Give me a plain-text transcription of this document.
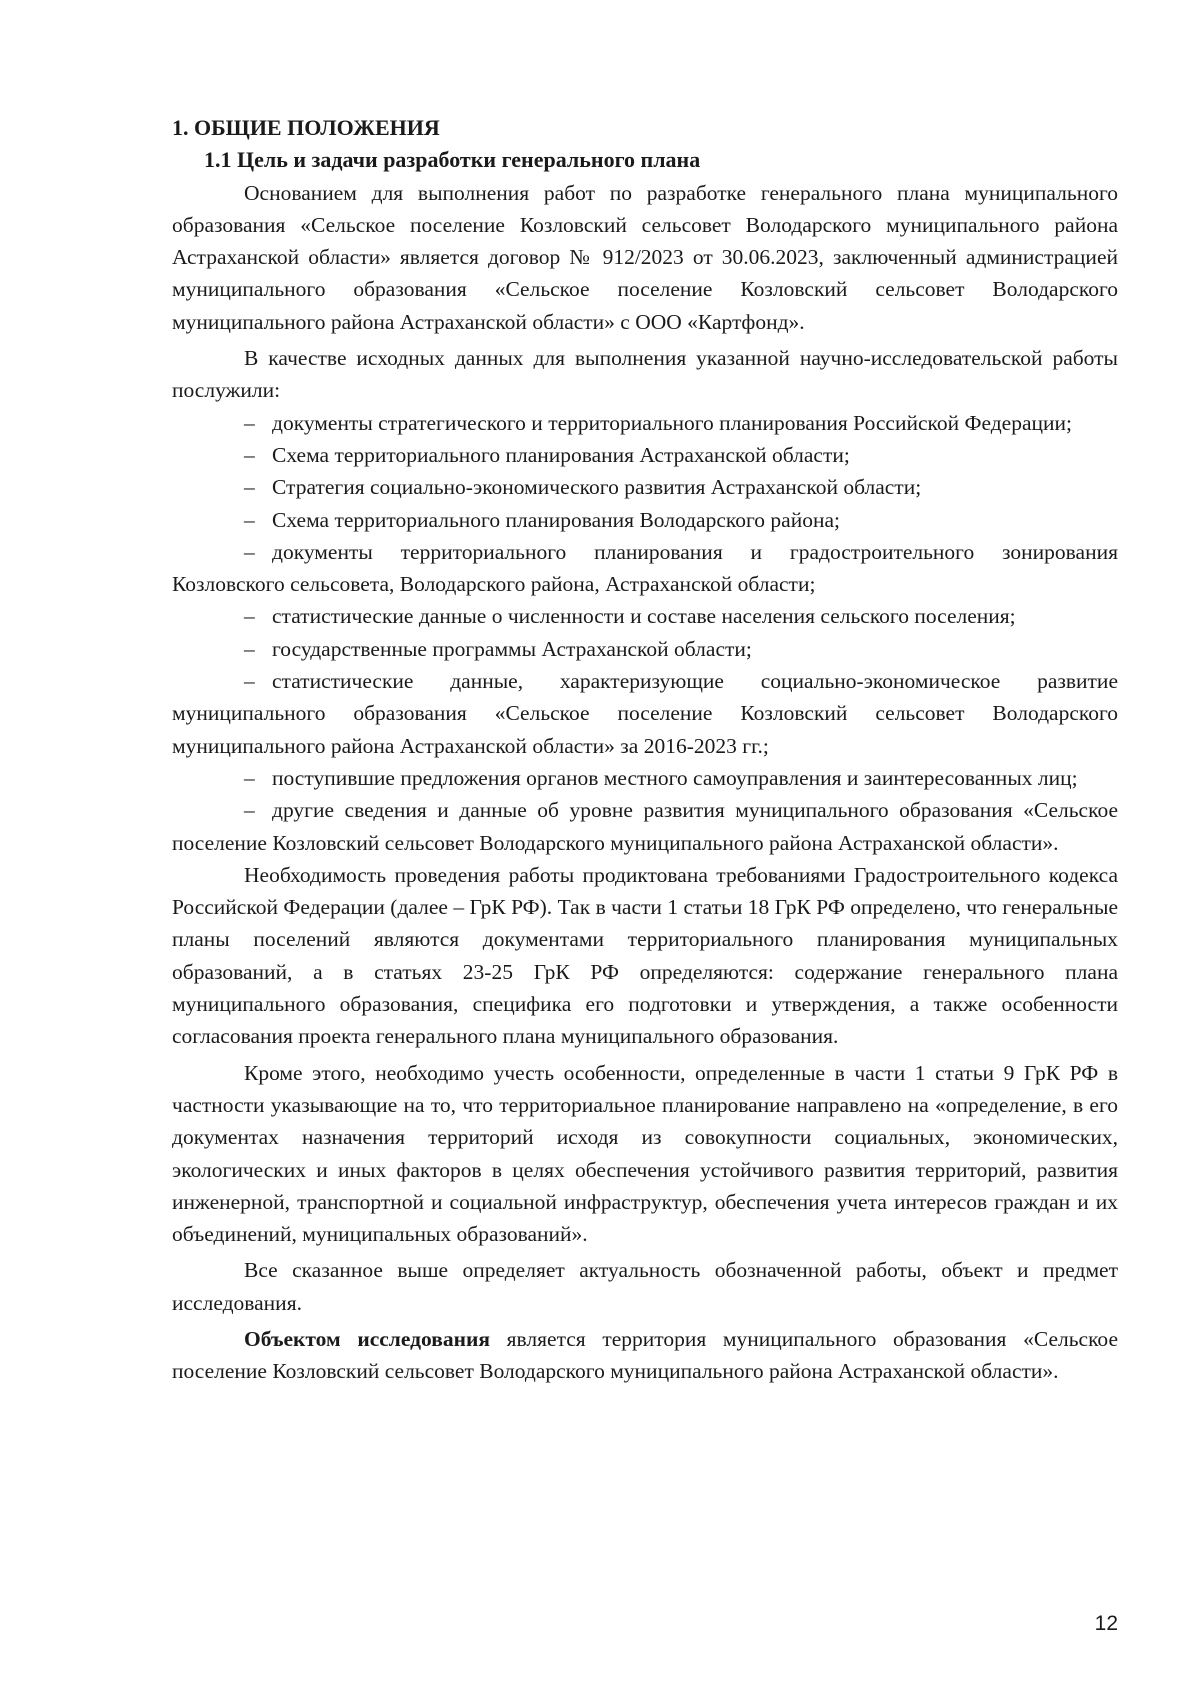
1. ОБЩИЕ ПОЛОЖЕНИЯ
1.1 Цель и задачи разработки генерального плана

Основанием для выполнения работ по разработке генерального плана муниципального образования «Сельское поселение Козловский сельсовет Володарского муниципального района Астраханской области» является договор № 912/2023 от 30.06.2023, заключенный администрацией муниципального образования «Сельское поселение Козловский сельсовет Володарского муниципального района Астраханской области» с ООО «Картфонд».

В качестве исходных данных для выполнения указанной научно-исследовательской работы послужили:

– документы стратегического и территориального планирования Российской Федерации;

– Схема территориального планирования Астраханской области;

– Стратегия социально-экономического развития Астраханской области;

– Схема территориального планирования Володарского района;

– документы территориального планирования и градостроительного зонирования Козловского сельсовета, Володарского района, Астраханской области;

– статистические данные о численности и составе населения сельского поселения;

– государственные программы Астраханской области;

– статистические данные, характеризующие социально-экономическое развитие муниципального образования «Сельское поселение Козловский сельсовет Володарского муниципального района Астраханской области» за 2016-2023 гг.;

– поступившие предложения органов местного самоуправления и заинтересованных лиц;

– другие сведения и данные об уровне развития муниципального образования «Сельское поселение Козловский сельсовет Володарского муниципального района Астраханской области».

Необходимость проведения работы продиктована требованиями Градостроительного кодекса Российской Федерации (далее – ГрК РФ). Так в части 1 статьи 18 ГрК РФ определено, что генеральные планы поселений являются документами территориального планирования муниципальных образований, а в статьях 23-25 ГрК РФ определяются: содержание генерального плана муниципального образования, специфика его подготовки и утверждения, а также особенности согласования проекта генерального плана муниципального образования.

Кроме этого, необходимо учесть особенности, определенные в части 1 статьи 9 ГрК РФ в частности указывающие на то, что территориальное планирование направлено на «определение, в его документах назначения территорий исходя из совокупности социальных, экономических, экологических и иных факторов в целях обеспечения устойчивого развития территорий, развития инженерной, транспортной и социальной инфраструктур, обеспечения учета интересов граждан и их объединений, муниципальных образований».

Все сказанное выше определяет актуальность обозначенной работы, объект и предмет исследования.

Объектом исследования является территория муниципального образования «Сельское поселение Козловский сельсовет Володарского муниципального района Астраханской области».

12
